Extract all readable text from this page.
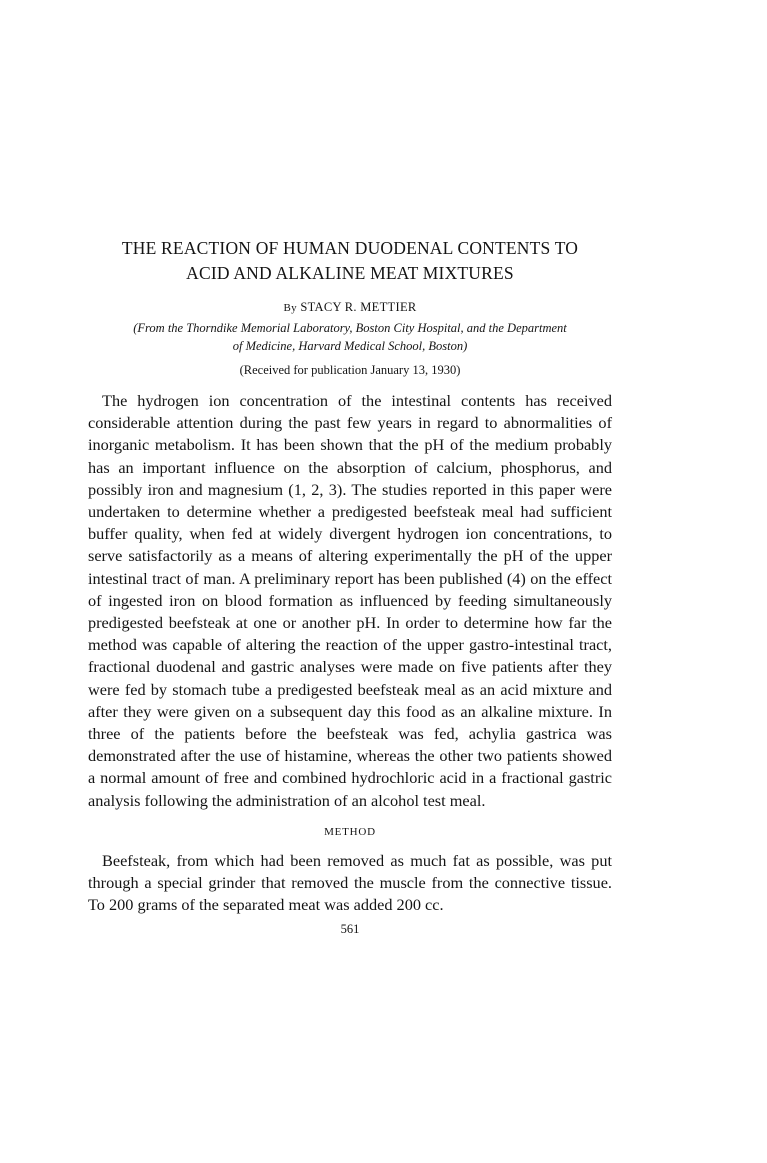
THE REACTION OF HUMAN DUODENAL CONTENTS TO
ACID AND ALKALINE MEAT MIXTURES
By STACY R. METTIER
(From the Thorndike Memorial Laboratory, Boston City Hospital, and the Department
of Medicine, Harvard Medical School, Boston)
(Received for publication January 13, 1930)

The hydrogen ion concentration of the intestinal contents has received considerable attention during the past few years in regard to abnormalities of inorganic metabolism. It has been shown that the pH of the medium probably has an important influence on the absorption of calcium, phosphorus, and possibly iron and magnesium (1, 2, 3). The studies reported in this paper were undertaken to determine whether a predigested beefsteak meal had sufficient buffer quality, when fed at widely divergent hydrogen ion concentrations, to serve satisfactorily as a means of altering experimentally the pH of the upper intestinal tract of man. A preliminary report has been published (4) on the effect of ingested iron on blood formation as influenced by feeding simultaneously predigested beefsteak at one or another pH. In order to determine how far the method was capable of altering the reaction of the upper gastro-intestinal tract, fractional duodenal and gastric analyses were made on five patients after they were fed by stomach tube a predigested beefsteak meal as an acid mixture and after they were given on a subsequent day this food as an alkaline mixture. In three of the patients before the beefsteak was fed, achylia gastrica was demonstrated after the use of histamine, whereas the other two patients showed a normal amount of free and combined hydrochloric acid in a fractional gastric analysis following the administration of an alcohol test meal.

METHOD

Beefsteak, from which had been removed as much fat as possible, was put through a special grinder that removed the muscle from the connective tissue. To 200 grams of the separated meat was added 200 cc.

561
